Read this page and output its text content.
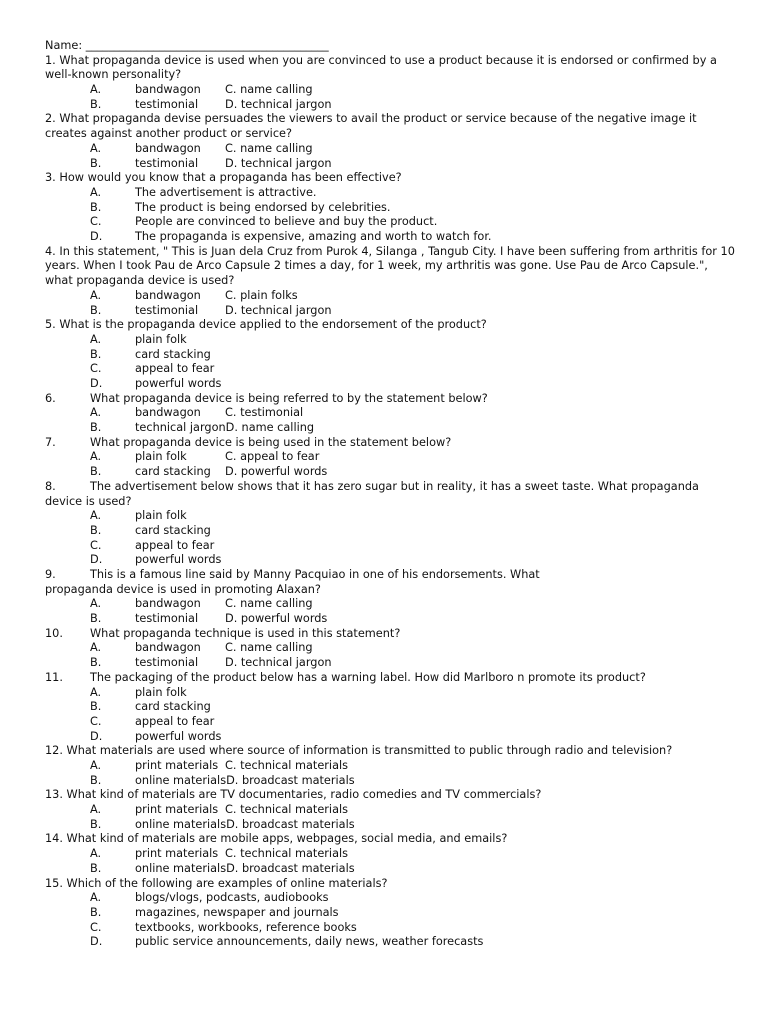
Name: ___________________________________________
1. What propaganda device is used when you are convinced to use a product because it is endorsed or confirmed by a well-known personality?
A.	bandwagon C. name calling
B.	testimonial D. technical jargon
2. What propaganda devise persuades the viewers to avail the product or service because of the negative image it creates against another product or service?
A.	bandwagon C. name calling
B.	testimonial D. technical jargon
3. How would you know that a propaganda has been effective?
A.	The advertisement is attractive.
B.	The product is being endorsed by celebrities.
C.	People are convinced to believe and buy the product.
D.	The propaganda is expensive, amazing and worth to watch for.
4. In this statement, " This is Juan dela Cruz from Purok 4, Silanga , Tangub City. I have been suffering from arthritis for 10 years. When I took Pau de Arco Capsule 2 times a day, for 1 week, my arthritis was gone. Use Pau de Arco Capsule.", what propaganda device is used?
A.	bandwagon C. plain folks
B.	testimonial D. technical jargon
5. What is the propaganda device applied to the endorsement of the product?
A.	plain folk
B.	card stacking
C.	appeal to fear
D.	powerful words
6.	What propaganda device is being referred to by the statement below?
A.	bandwagon C. testimonial
B.	technical jargonD. name calling
7.	What propaganda device is being used in the statement below?
A.	plain folk	C. appeal to fear
B.	card stacking D. powerful words
8.	The advertisement below shows that it has zero sugar but in reality, it has a sweet taste. What propaganda device is used?
A.	plain folk
B.	card stacking
C.	appeal to fear
D.	powerful words
9.	This is a famous line said by Manny Pacquiao in one of his endorsements. What
propaganda device is used in promoting Alaxan?
A.	bandwagon C. name calling
B.	testimonial D. powerful words
10.	What propaganda technique is used in this statement?
A.	bandwagon C. name calling
B.	testimonial D. technical jargon
11.	The packaging of the product below has a warning label. How did Marlboro n promote its product?
A.	plain folk
B.	card stacking
C.	appeal to fear
D.	powerful words
12. What materials are used where source of information is transmitted to public through radio and television?
A.	print materials C. technical materials
B.	online materialsD. broadcast materials
13. What kind of materials are TV documentaries, radio comedies and TV commercials?
A.	print materials C. technical materials
B.	online materialsD. broadcast materials
14. What kind of materials are mobile apps, webpages, social media, and emails?
A.	print materials C. technical materials
B.	online materialsD. broadcast materials
15. Which of the following are examples of online materials?
A.	blogs/vlogs, podcasts, audiobooks
B.	magazines, newspaper and journals
C.	textbooks, workbooks, reference books
D.	public service announcements, daily news, weather forecasts
